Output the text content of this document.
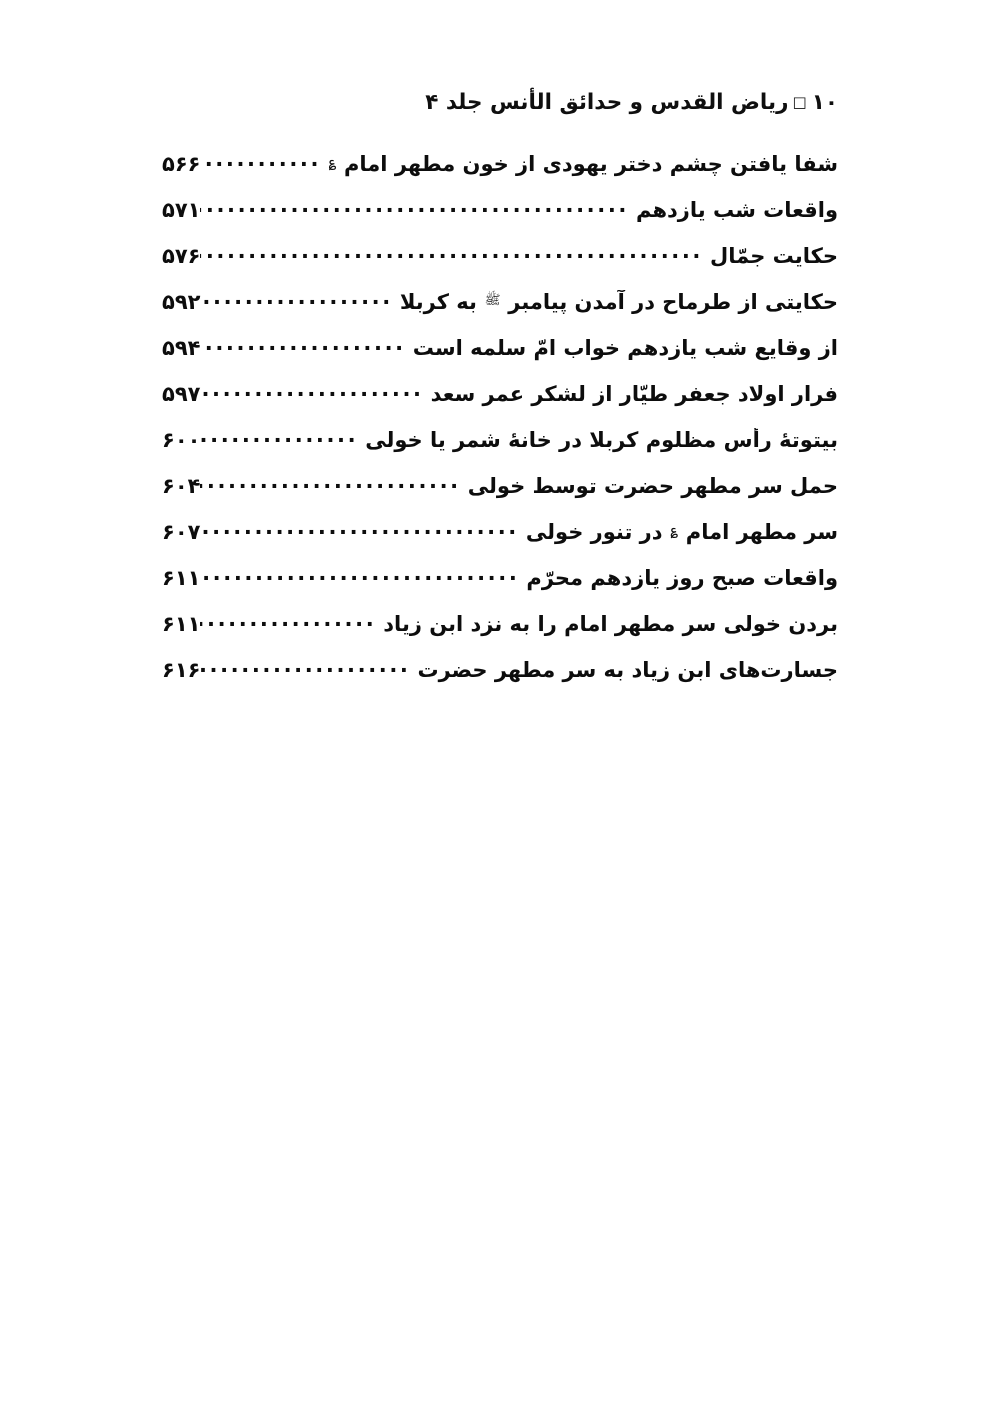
۱۰□ریاض القدس و حدائق الأنس جلد ۴
شفا یافتن چشم دختر یهودی از خون مطهر امام ؏
.....
۵۶۶
واقعات شب یازدهم
.....
۵۷۱
حکایت جمّال
.....
۵۷۶
حکایتی از طرماح در آمدن پیامبر ﷺ به کربلا
.....
۵۹۲
از وقایع شب یازدهم خواب امّ سلمه است
.....
۵۹۴
فرار اولاد جعفر طیّار از لشکر عمر سعد
.....
۵۹۷
بیتوتهٔ رأس مظلوم کربلا در خانهٔ شمر یا خولی
.....
۶۰۰
حمل سر مطهر حضرت توسط خولی
.....
۶۰۴
سر مطهر امام ؏ در تنور خولی
.....
۶۰۷
واقعات صبح روز یازدهم محرّم
.....
۶۱۱
بردن خولی سر مطهر امام را به نزد ابن زیاد
.....
۶۱۱
جسارت‌های ابن زیاد به سر مطهر حضرت
.....
۶۱۶
